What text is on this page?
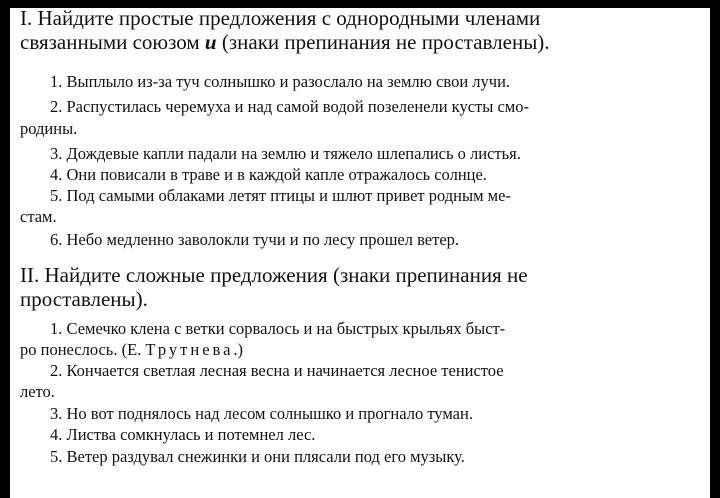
I. Найдите простые предложения с однородными членами
связанными союзом и (знаки препинания не проставлены).
1. Выплыло из-за туч солнышко и разослало на землю свои лучи.
2. Распустилась черемуха и над самой водой позеленели кусты смо-
родины.
3. Дождевые капли падали на землю и тяжело шлепались о листья.
4. Они повисали в траве и в каждой капле отражалось солнце.
5. Под самыми облаками летят птицы и шлют привет родным ме-
стам.
6. Небо медленно заволокли тучи и по лесу прошел ветер.
II. Найдите сложные предложения (знаки препинания не
проставлены).
1. Семечко клена с ветки сорвалось и на быстрых крыльях быст-
ро понеслось. (Е. Трутнева.)
2. Кончается светлая лесная весна и начинается лесное тенистое
лето.
3. Но вот поднялось над лесом солнышко и прогнало туман.
4. Листва сомкнулась и потемнел лес.
5. Ветер раздувал снежинки и они плясали под его музыку.
